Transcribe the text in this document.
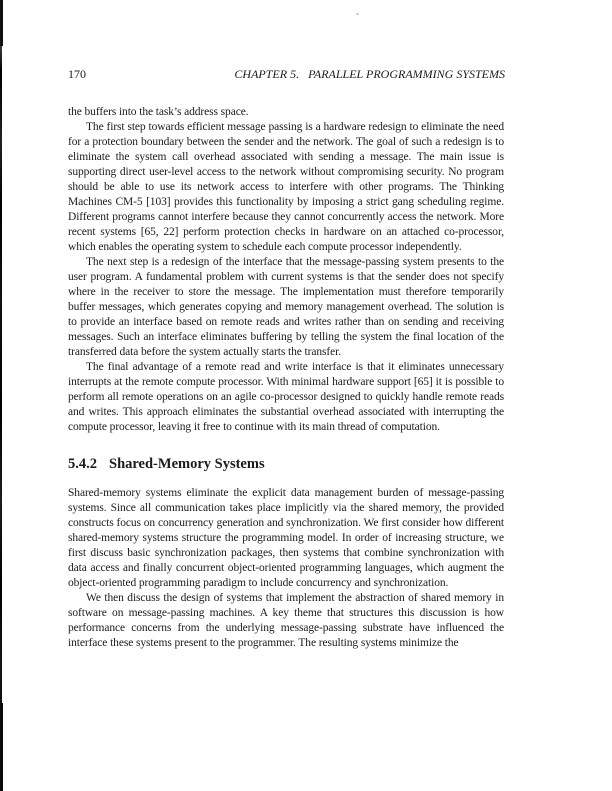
170	CHAPTER 5. PARALLEL PROGRAMMING SYSTEMS

the buffers into the task’s address space.

The first step towards efficient message passing is a hardware redesign to eliminate the need for a protection boundary between the sender and the network. The goal of such a redesign is to eliminate the system call overhead associated with sending a message. The main issue is supporting direct user-level access to the network without compromising security. No program should be able to use its network access to interfere with other programs. The Thinking Machines CM-5 [103] provides this functionality by imposing a strict gang scheduling regime. Different programs cannot interfere because they cannot concurrently access the network. More recent systems [65, 22] perform protection checks in hardware on an attached co-processor, which enables the operating system to schedule each compute processor independently.

The next step is a redesign of the interface that the message-passing system presents to the user program. A fundamental problem with current systems is that the sender does not specify where in the receiver to store the message. The implementation must therefore temporarily buffer messages, which generates copying and memory management overhead. The solution is to provide an interface based on remote reads and writes rather than on sending and receiving messages. Such an interface eliminates buffering by telling the system the final location of the transferred data before the system actually starts the transfer.

The final advantage of a remote read and write interface is that it eliminates unnecessary interrupts at the remote compute processor. With minimal hardware support [65] it is possible to perform all remote operations on an agile co-processor designed to quickly handle remote reads and writes. This approach eliminates the substantial overhead associated with interrupting the compute processor, leaving it free to continue with its main thread of computation.

5.4.2 Shared-Memory Systems

Shared-memory systems eliminate the explicit data management burden of message-passing systems. Since all communication takes place implicitly via the shared memory, the provided constructs focus on concurrency generation and synchronization. We first consider how different shared-memory systems structure the programming model. In order of increasing structure, we first discuss basic synchronization packages, then systems that combine synchronization with data access and finally concurrent object-oriented programming languages, which augment the object-oriented programming paradigm to include concurrency and synchronization.

We then discuss the design of systems that implement the abstraction of shared memory in software on message-passing machines. A key theme that structures this discussion is how performance concerns from the underlying message-passing substrate have influenced the interface these systems present to the programmer. The resulting systems minimize the
